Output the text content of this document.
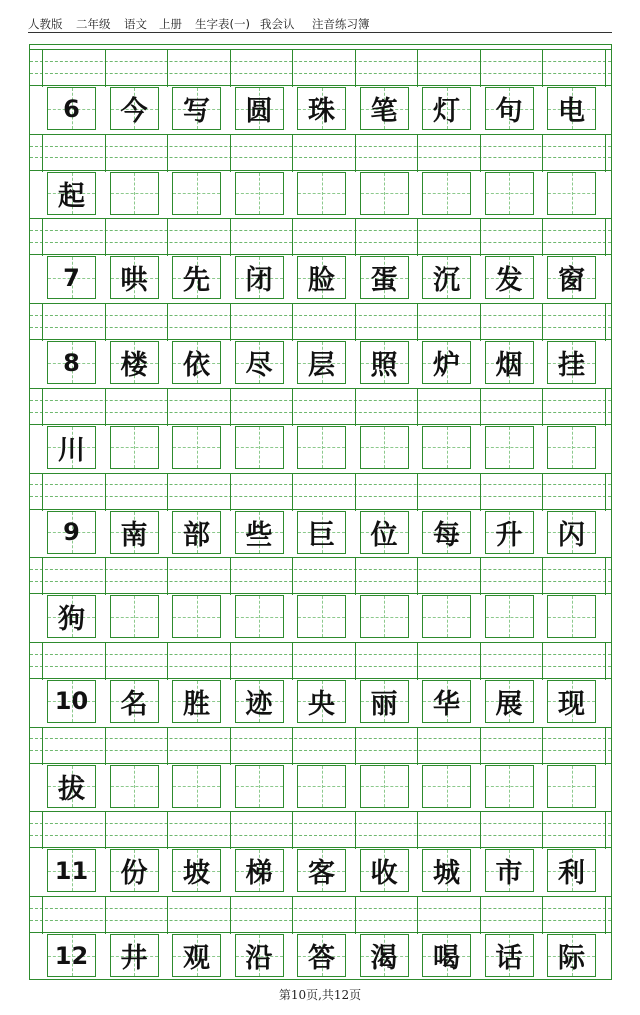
人教版 二年级 语文 上册 生字表(一) 我会认 注音练习簿
6	今	写	圆	珠	笔	灯	句	电
起
7	哄	先	闭	脸	蛋	沉	发	窗
8	楼	依	尽	层	照	炉	烟	挂
川
9	南	部	些	巨	位	每	升	闪
狗
10	名	胜	迹	央	丽	华	展	现
拔
11	份	坡	梯	客	收	城	市	利
12	井	观	沿	答	渴	喝	话	际
第10页,共12页
